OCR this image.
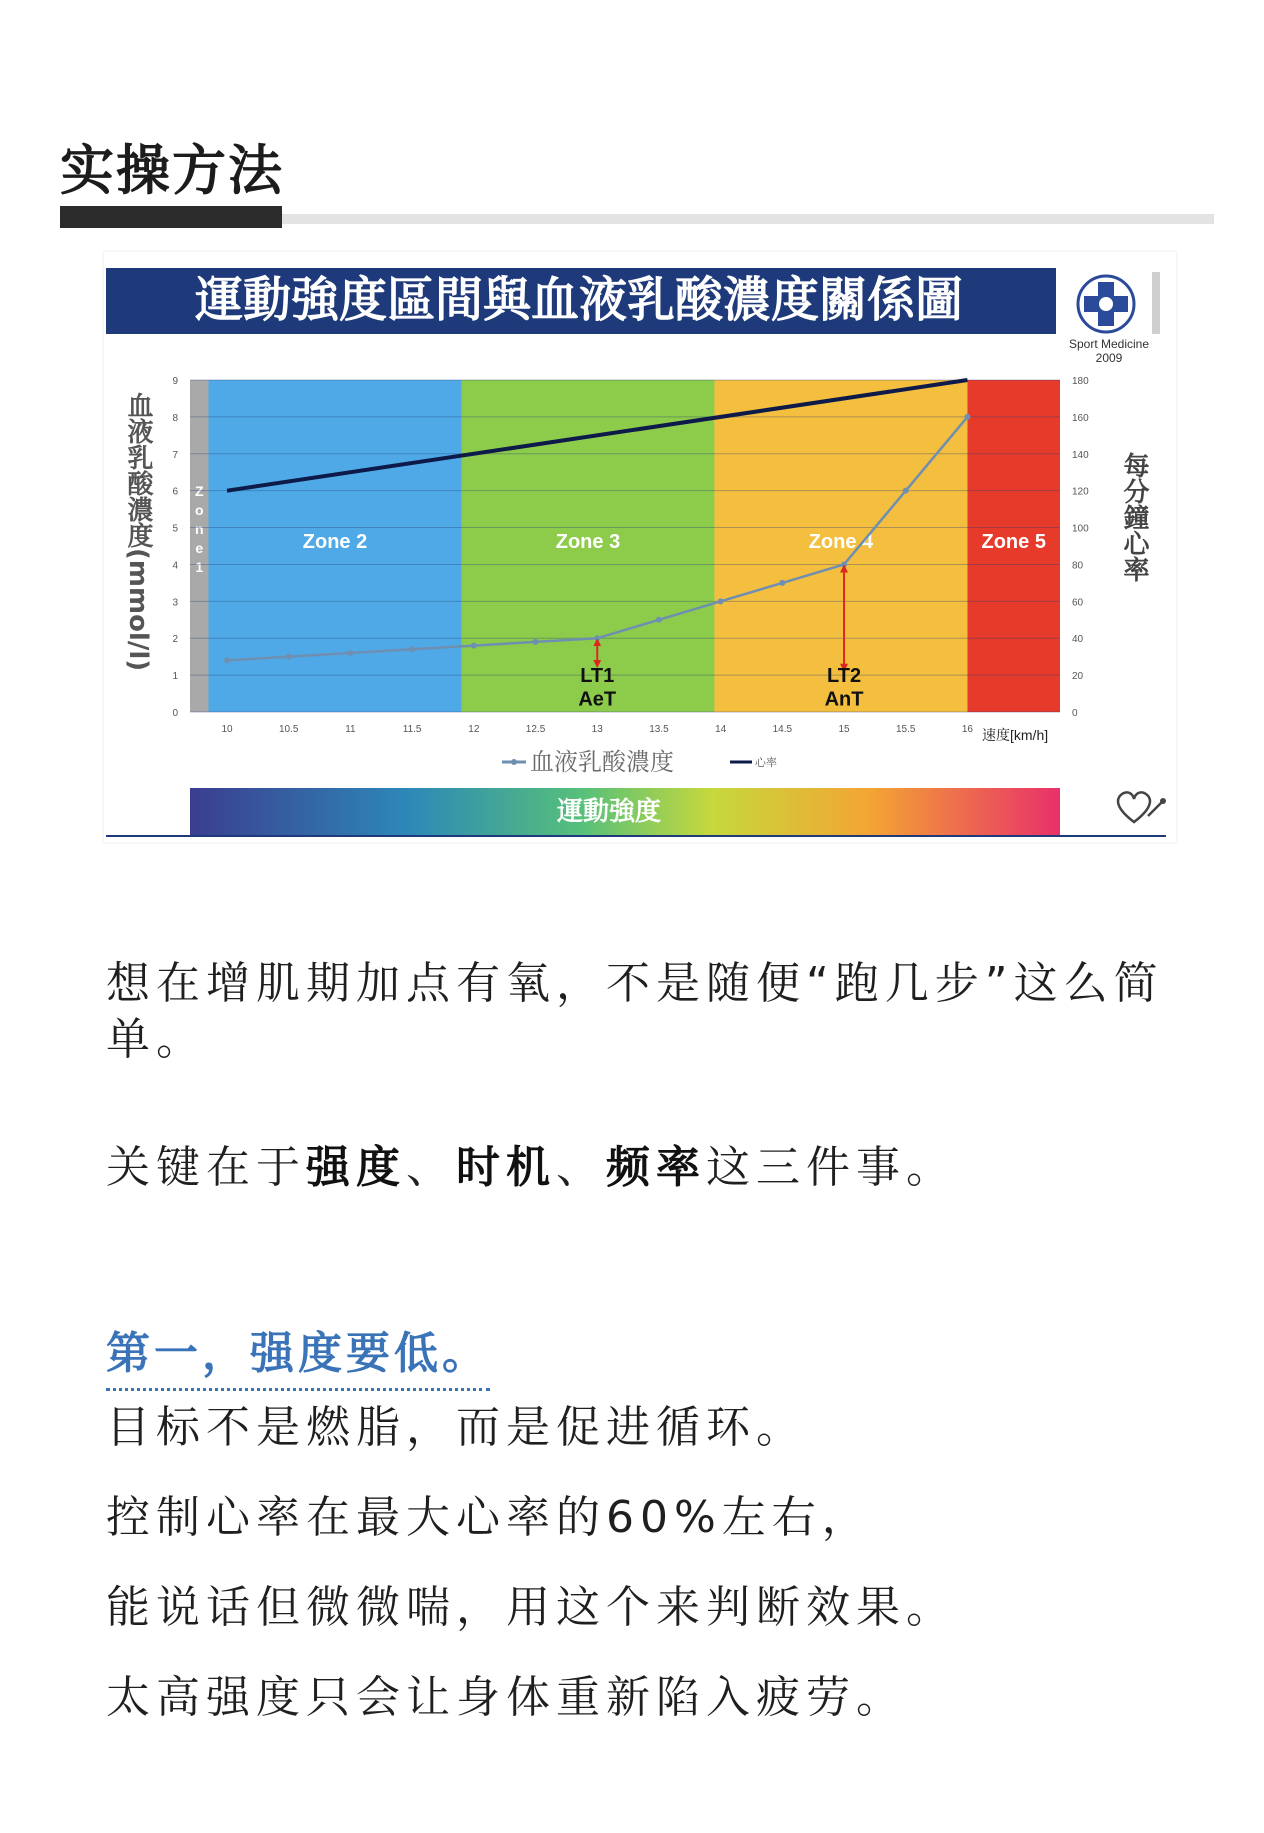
实操方法
運動強度區間與血液乳酸濃度關係圖
Sport Medicine
2009
血液乳酸濃度(mmol/l)	每分鐘心率
Z
o
n
e
1
Zone 2	Zone 3	Zone 4	Zone 5
0
1
2
3
4
5
6
7
8
9
0
20
40
60
80
100
120
140
160
180
10	10.5	11	11.5	12	12.5	13	13.5	14	14.5	15	15.5	16
LT1
AeT
LT2
AnT
速度[km/h]
血液乳酸濃度	心率
運動強度

想在增肌期加点有氧，不是随便“跑几步”这么简单。

关键在于强度、时机、频率这三件事。

第一，强度要低。

目标不是燃脂，而是促进循环。

控制心率在最大心率的60%左右，

能说话但微微喘，用这个来判断效果。

太高强度只会让身体重新陷入疲劳。
